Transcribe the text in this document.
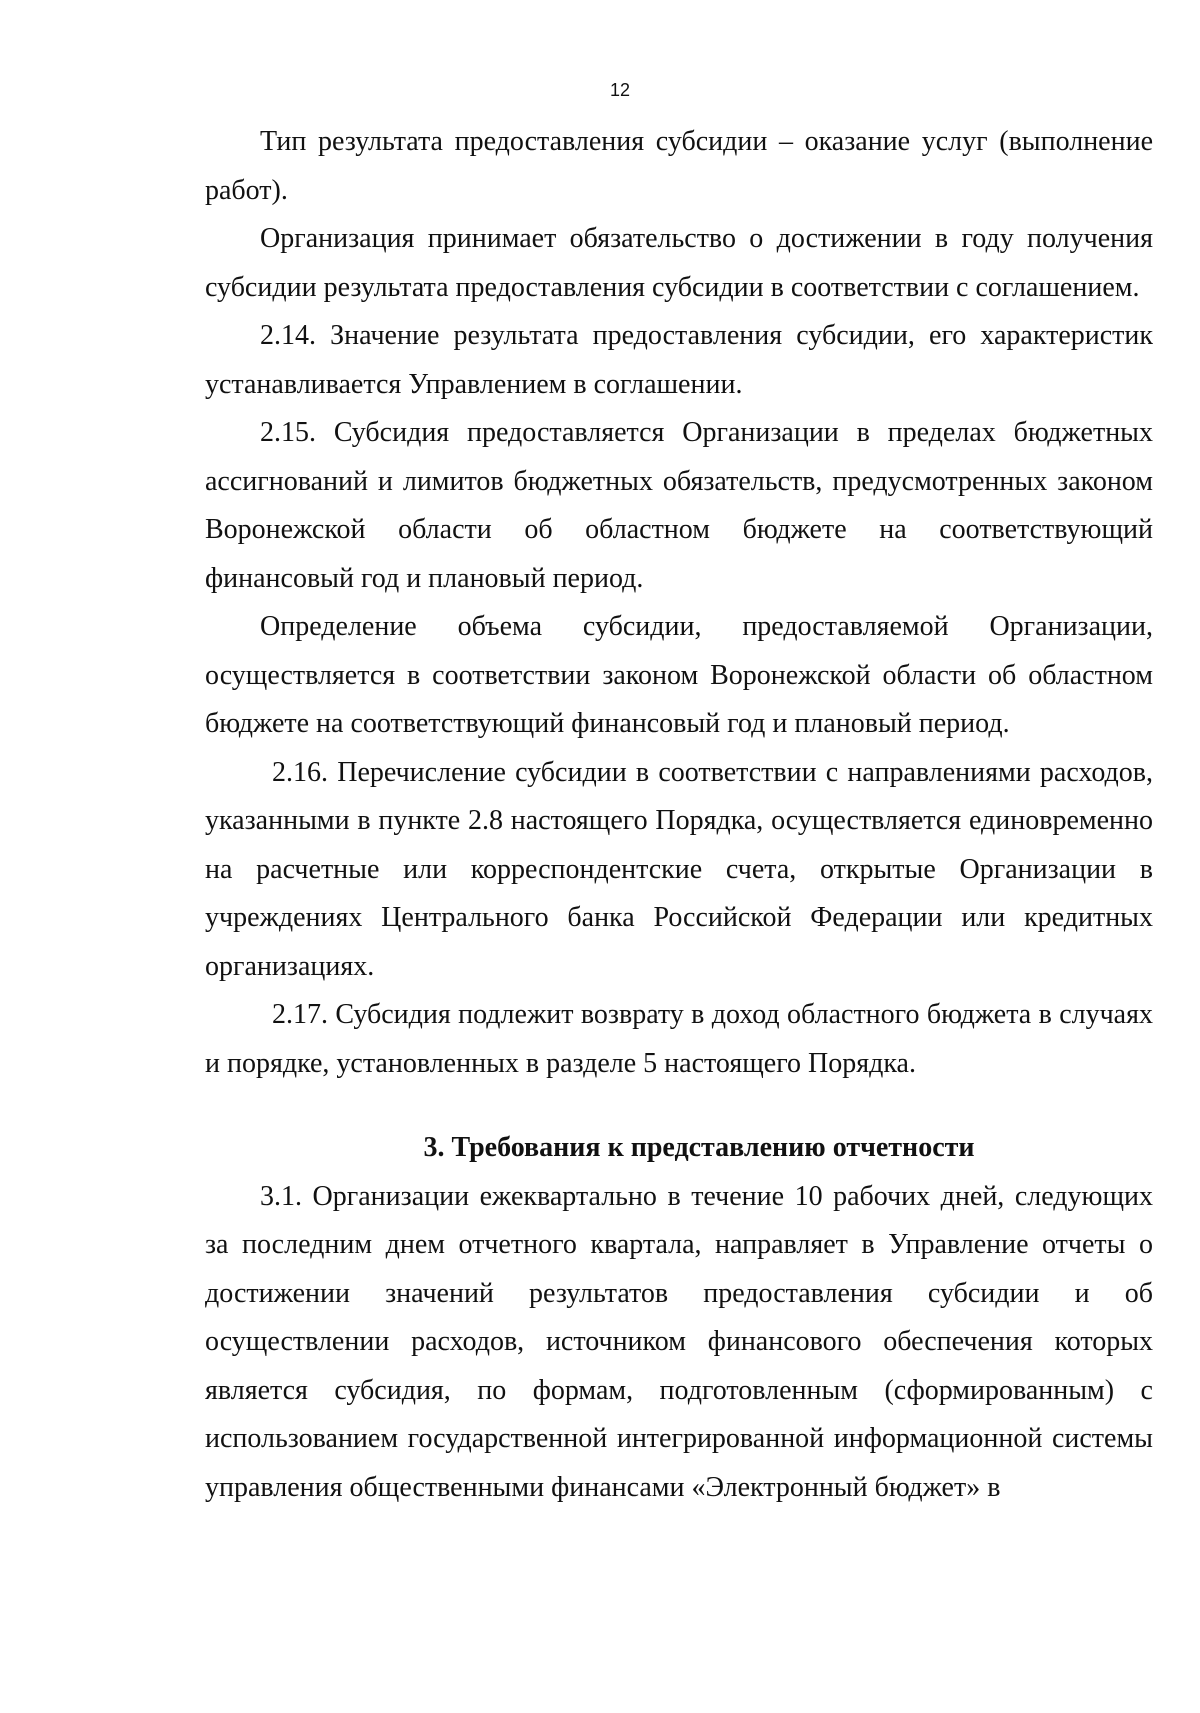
12

Тип результата предоставления субсидии – оказание услуг (выполнение работ).

Организация принимает обязательство о достижении в году получения субсидии результата предоставления субсидии в соответствии с соглашением.

2.14. Значение результата предоставления субсидии, его характеристик устанавливается Управлением в соглашении.

2.15. Субсидия предоставляется Организации в пределах бюджетных ассигнований и лимитов бюджетных обязательств, предусмотренных законом Воронежской области об областном бюджете на соответствующий финансовый год и плановый период.

Определение объема субсидии, предоставляемой Организации, осуществляется в соответствии законом Воронежской области об областном бюджете на соответствующий финансовый год и плановый период.

2.16. Перечисление субсидии в соответствии с направлениями расходов, указанными в пункте 2.8 настоящего Порядка, осуществляется единовременно на расчетные или корреспондентские счета, открытые Организации в учреждениях Центрального банка Российской Федерации или кредитных организациях.

2.17. Субсидия подлежит возврату в доход областного бюджета в случаях и порядке, установленных в разделе 5 настоящего Порядка.

3. Требования к представлению отчетности

3.1. Организации ежеквартально в течение 10 рабочих дней, следующих за последним днем отчетного квартала, направляет в Управление отчеты о достижении значений результатов предоставления субсидии и об осуществлении расходов, источником финансового обеспечения которых является субсидия, по формам, подготовленным (сформированным) с использованием государственной интегрированной информационной системы управления общественными финансами «Электронный бюджет» в
